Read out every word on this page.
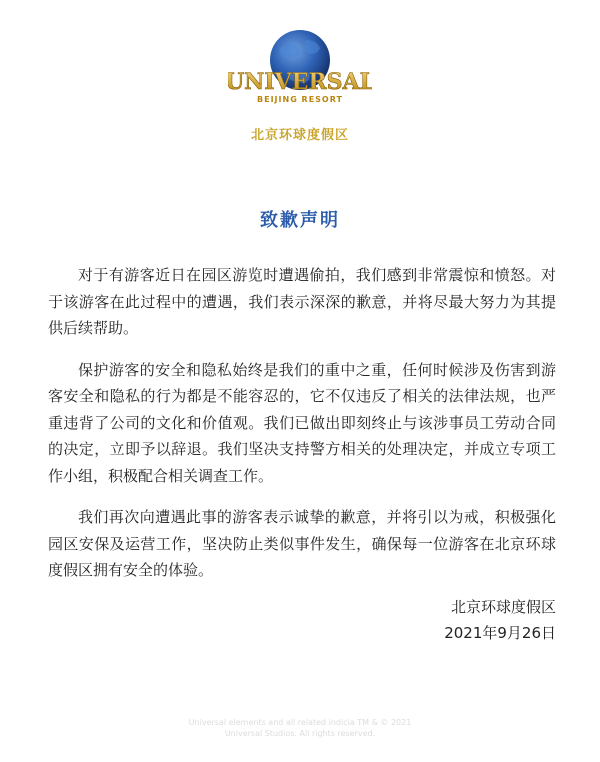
UNIVERSAL
BEIJING RESORT
北京环球度假区
致歉声明

对于有游客近日在园区游览时遭遇偷拍，我们感到非常震惊和愤怒。对于该游客在此过程中的遭遇，我们表示深深的歉意，并将尽最大努力为其提供后续帮助。

保护游客的安全和隐私始终是我们的重中之重，任何时候涉及伤害到游客安全和隐私的行为都是不能容忍的，它不仅违反了相关的法律法规，也严重违背了公司的文化和价值观。我们已做出即刻终止与该涉事员工劳动合同的决定，立即予以辞退。我们坚决支持警方相关的处理决定，并成立专项工作小组，积极配合相关调查工作。

我们再次向遭遇此事的游客表示诚挚的歉意，并将引以为戒，积极强化园区安保及运营工作，坚决防止类似事件发生，确保每一位游客在北京环球度假区拥有安全的体验。

北京环球度假区
2021年9月26日
Universal elements and all related indicia TM & © 2021
Universal Studios. All rights reserved.
